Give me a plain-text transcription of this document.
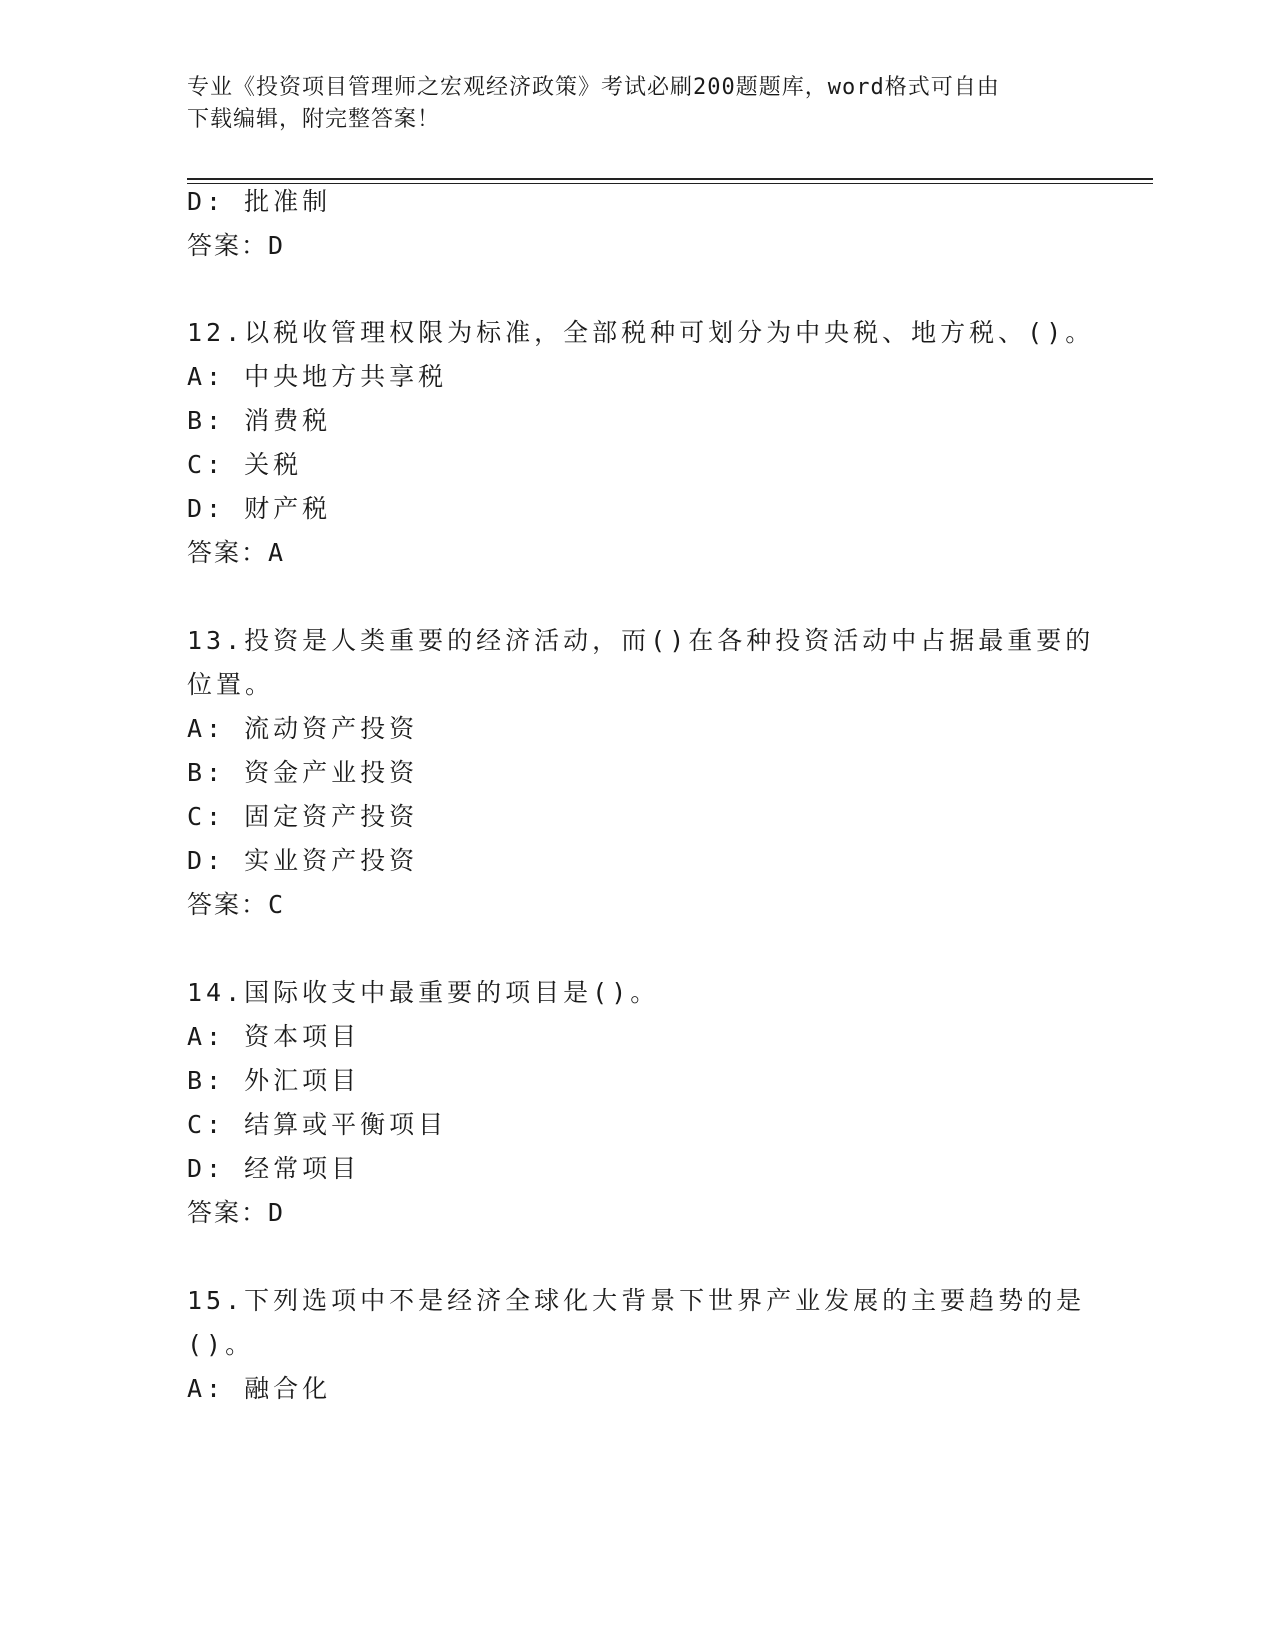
专业《投资项目管理师之宏观经济政策》考试必刷200题题库，word格式可自由
下载编辑，附完整答案！

D: 批准制
答案：D
12.以税收管理权限为标准，全部税种可划分为中央税、地方税、()。
A: 中央地方共享税
B: 消费税
C: 关税
D: 财产税
答案：A
13.投资是人类重要的经济活动，而()在各种投资活动中占据最重要的
位置。
A: 流动资产投资
B: 资金产业投资
C: 固定资产投资
D: 实业资产投资
答案：C
14.国际收支中最重要的项目是()。
A: 资本项目
B: 外汇项目
C: 结算或平衡项目
D: 经常项目
答案：D
15.下列选项中不是经济全球化大背景下世界产业发展的主要趋势的是
()。
A: 融合化
